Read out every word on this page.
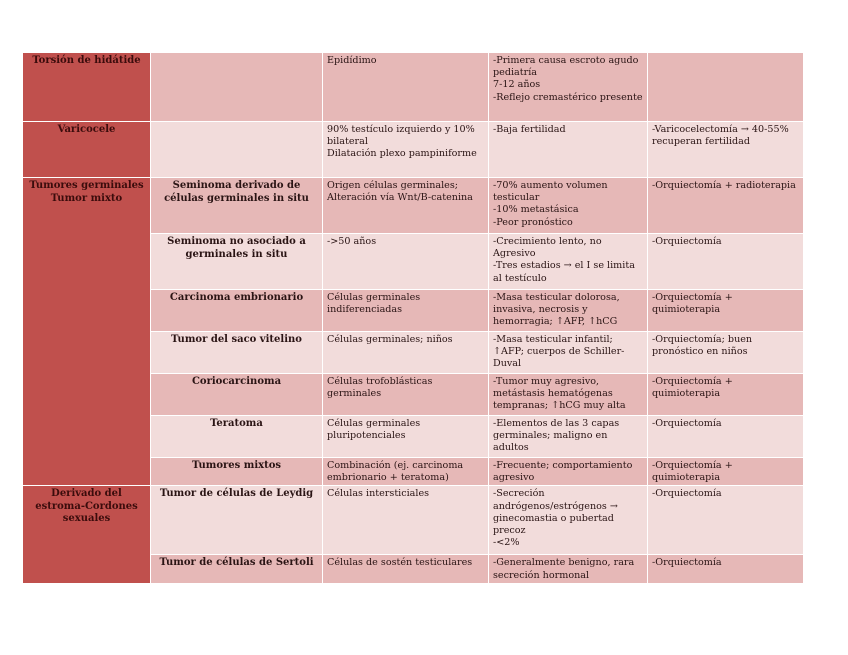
Torsión de hidátide		Epidídimo	-Primera causa escroto agudo pediatría
7-12 años
-Reflejo cremastérico presente	

Varicocele		90% testículo izquierdo y 10% bilateral
Dilatación plexo pampiniforme	-Baja fertilidad	-Varicocelectomía → 40-55% recuperan fertilidad

Tumores germinales
Tumor mixto	Seminoma derivado de células germinales in situ	Origen células germinales; Alteración vía Wnt/B-catenina	-70% aumento volumen testicular
-10% metastásica
-Peor pronóstico	-Orquiectomía + radioterapia

	Seminoma no asociado a germinales in situ	->50 años	-Crecimiento lento, no Agresivo
-Tres estadios → el I se limita al testículo	-Orquiectomía

	Carcinoma embrionario	Células germinales indiferenciadas	-Masa testicular dolorosa, invasiva, necrosis y hemorragia; ↑AFP, ↑hCG	-Orquiectomía + quimioterapia

	Tumor del saco vitelino	Células germinales; niños	-Masa testicular infantil; ↑AFP; cuerpos de Schiller-Duval	-Orquiectomía; buen pronóstico en niños

	Coriocarcinoma	Células trofoblásticas germinales	-Tumor muy agresivo, metástasis hematógenas tempranas; ↑hCG muy alta	-Orquiectomía + quimioterapia

	Teratoma	Células germinales pluripotenciales	-Elementos de las 3 capas germinales; maligno en adultos	-Orquiectomía

	Tumores mixtos	Combinación (ej. carcinoma embrionario + teratoma)	-Frecuente; comportamiento agresivo	-Orquiectomía + quimioterapia

Derivado del estroma-Cordones sexuales	Tumor de células de Leydig	Células intersticiales	-Secreción andrógenos/estrógenos → ginecomastia o pubertad precoz
-<2%	-Orquiectomía

	Tumor de células de Sertoli	Células de sostén testiculares	-Generalmente benigno, rara secreción hormonal	-Orquiectomía
